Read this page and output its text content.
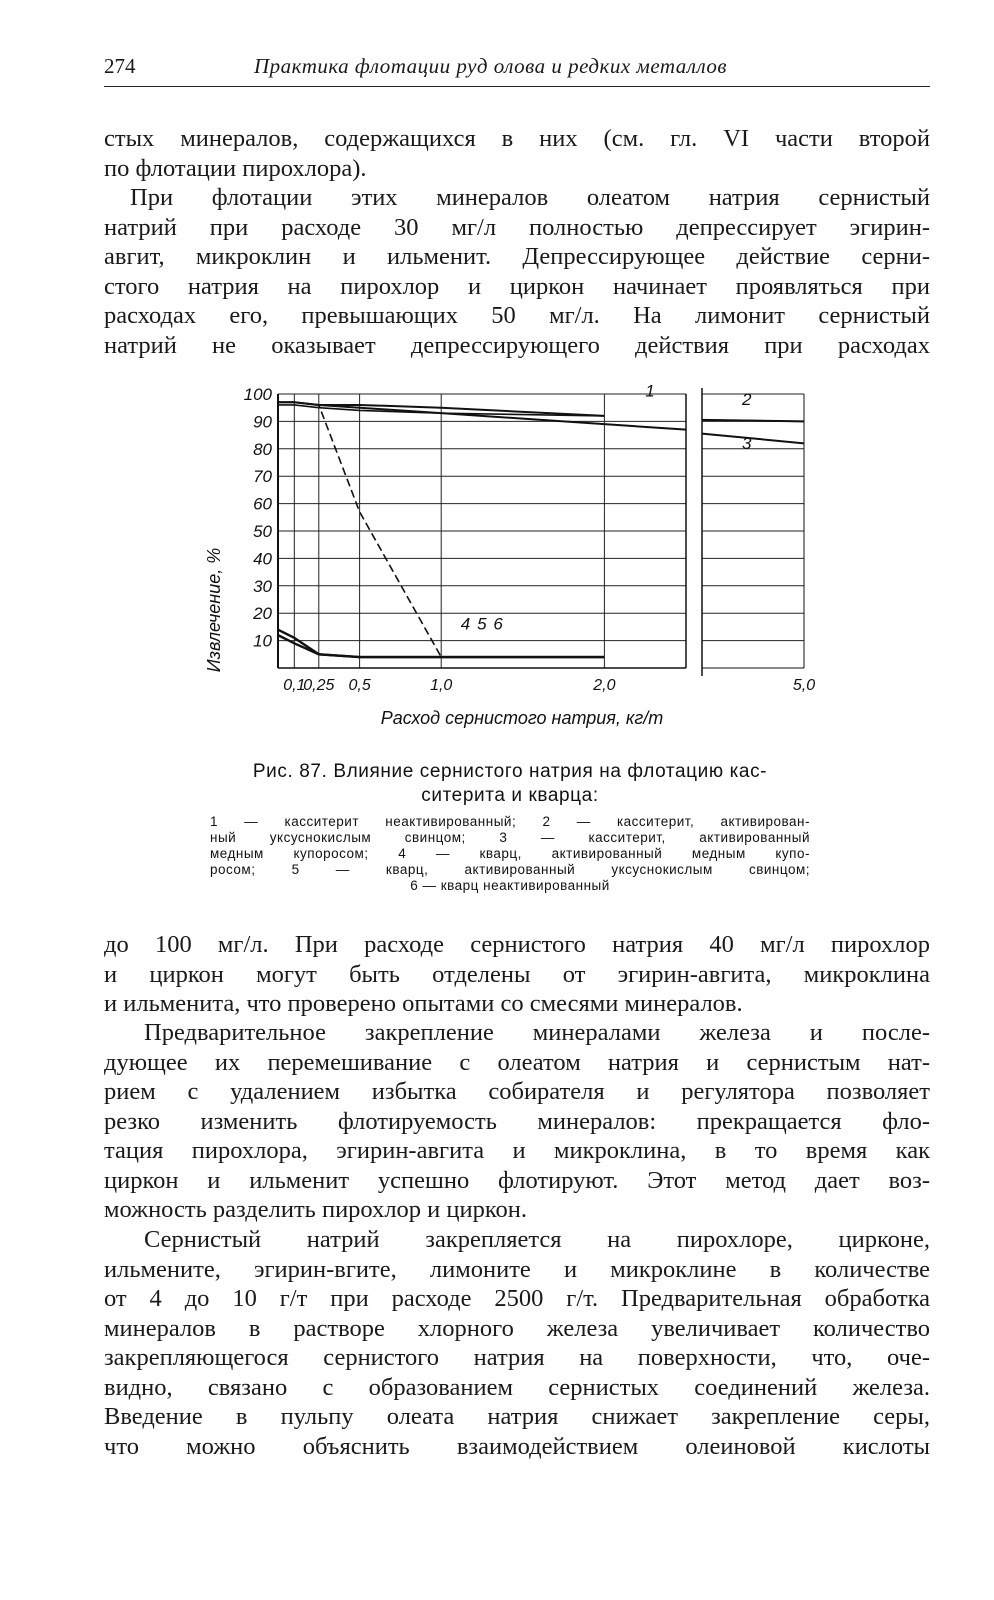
274	Практика флотации руд олова и редких металлов

стых минералов, содержащихся в них (см. гл. VI части второй
по флотации пирохлора).

При флотации этих минералов олеатом натрия сернистый
натрий при расходе 30 мг/л полностью депрессирует эгирин-
авгит, микроклин и ильменит. Депрессирующее действие серни-
стого натрия на пирохлор и циркон начинает проявляться при
расходах его, превышающих 50 мг/л. На лимонит сернистый
натрий не оказывает депрессирующего действия при расходах

1	2
3
4 5 6
10
20
30
40
50
60
70
80
90
100
0,1
0,25 0,5	1,0	2,0	5,0
Извлечение, %
Расход сернистого натрия, кг/т
Рис. 87. Влияние сернистого натрия на флотацию кас-
ситерита и кварца:
1 — касситерит неактивированный; 2 — касситерит, активирован-
ный уксуснокислым свинцом; 3 — касситерит, активированный
медным купоросом; 4 — кварц, активированный медным купо-
росом; 5 — кварц, активированный уксуснокислым свинцом;
6 — кварц неактивированный

до 100 мг/л. При расходе сернистого натрия 40 мг/л пирохлор
и циркон могут быть отделены от эгирин-авгита, микроклина
и ильменита, что проверено опытами со смесями минералов.

Предварительное закрепление минералами железа и после-
дующее их перемешивание с олеатом натрия и сернистым нат-
рием с удалением избытка собирателя и регулятора позволяет
резко изменить флотируемость минералов: прекращается фло-
тация пирохлора, эгирин-авгита и микроклина, в то время как
циркон и ильменит успешно флотируют. Этот метод дает воз-
можность разделить пирохлор и циркон.

Сернистый натрий закрепляется на пирохлоре, цирконе,
ильмените, эгирин-вгите, лимоните и микроклине в количестве
от 4 до 10 г/т при расходе 2500 г/т. Предварительная обработка
минералов в растворе хлорного железа увеличивает количество
закрепляющегося сернистого натрия на поверхности, что, оче-
видно, связано с образованием сернистых соединений железа.
Введение в пульпу олеата натрия снижает закрепление серы,
что можно объяснить взаимодействием олеиновой кислоты
